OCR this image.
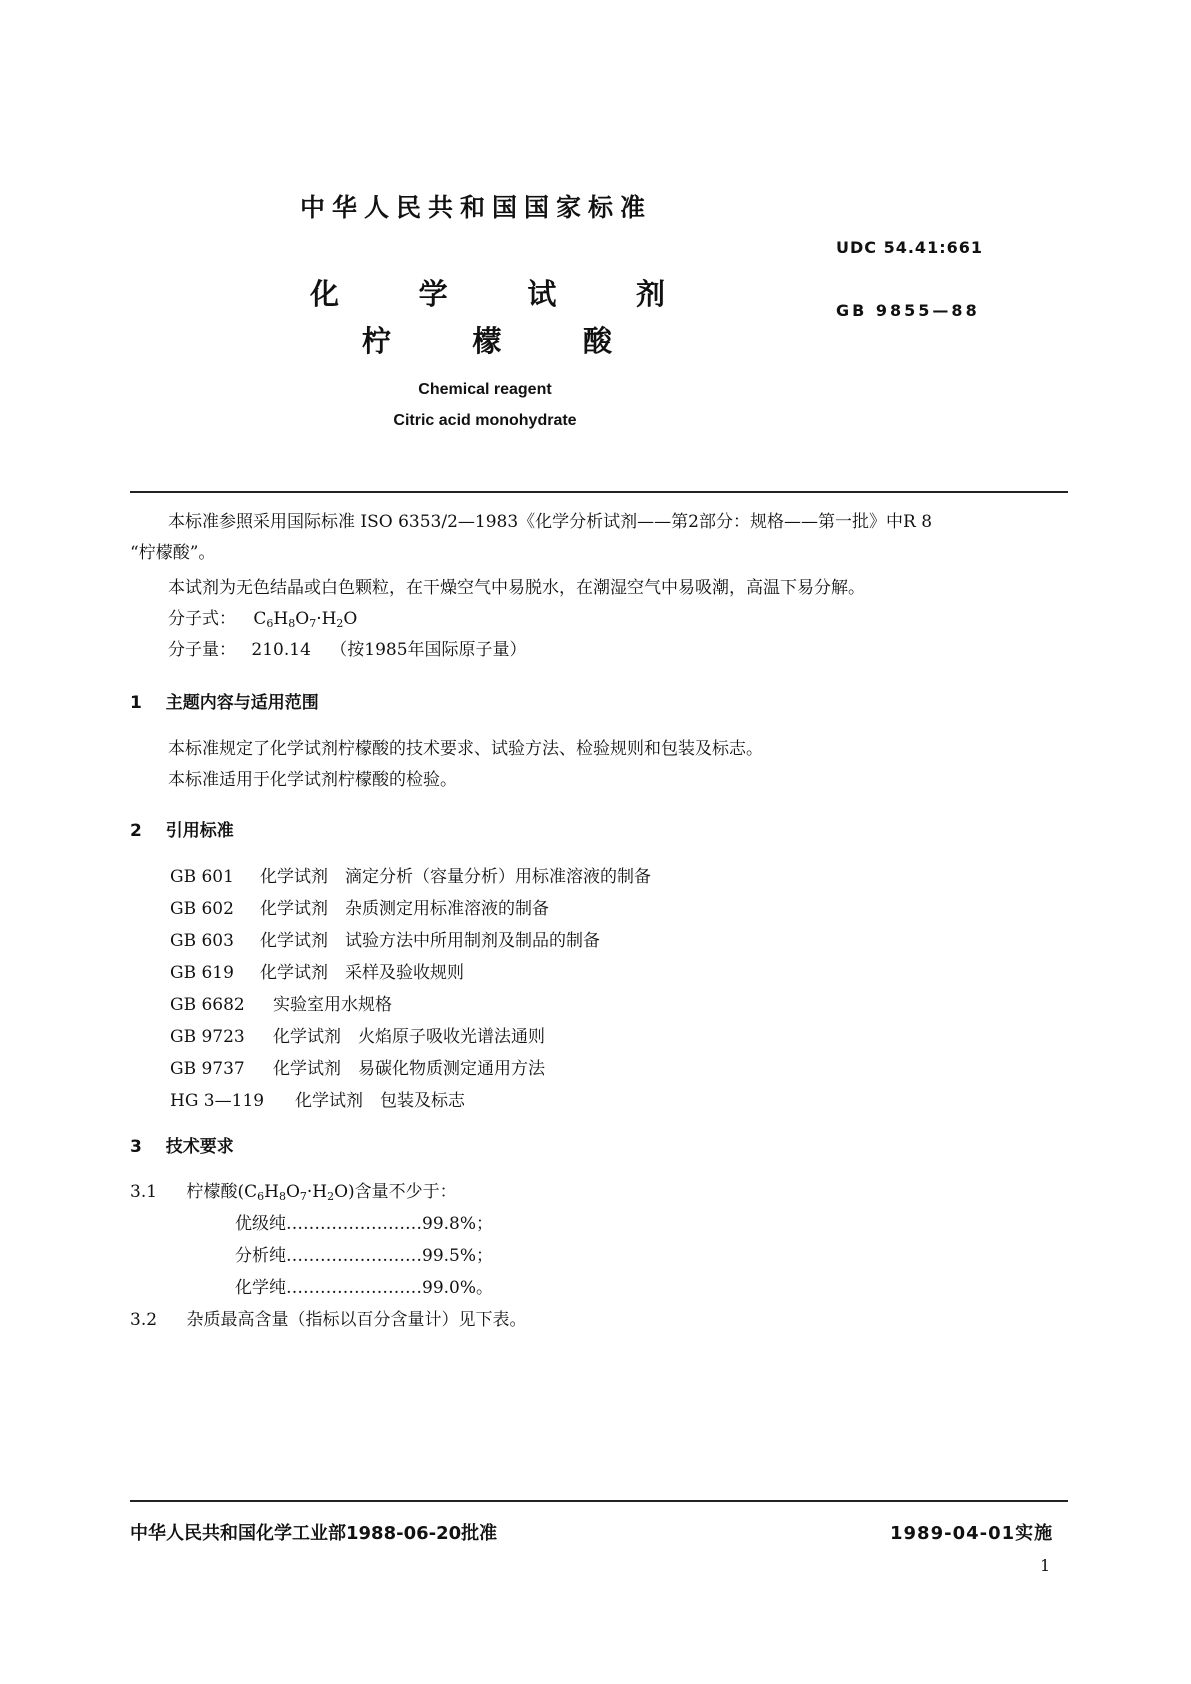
中华人民共和国国家标准
UDC 54.41:661
GB 9855—88
化	学	试	剂
柠	檬	酸
Chemical reagent
Citric acid monohydrate
本标准参照采用国际标准 ISO 6353/2—1983《化学分析试剂——第2部分：规格——第一批》中R 8
“柠檬酸”。
本试剂为无色结晶或白色颗粒，在干燥空气中易脱水，在潮湿空气中易吸潮，高温下易分解。
分子式： $C_6H_8O_7\cdot H_2O$
分子量： 210.14 （按1985年国际原子量）
1 主题内容与适用范围
本标准规定了化学试剂柠檬酸的技术要求、试验方法、检验规则和包装及标志。
本标准适用于化学试剂柠檬酸的检验。
2 引用标准
GB 601 化学试剂　滴定分析（容量分析）用标准溶液的制备
GB 602 化学试剂　杂质测定用标准溶液的制备
GB 603 化学试剂　试验方法中所用制剂及制品的制备
GB 619 化学试剂　采样及验收规则
GB 6682 实验室用水规格
GB 9723 化学试剂　火焰原子吸收光谱法通则
GB 9737 化学试剂　易碳化物质测定通用方法
HG 3—119 化学试剂　包装及标志
3 技术要求
3.1 柠檬酸$(C_6H_8O_7\cdot H_2O)$含量不少于：
优级纯……………………99.8%；
分析纯……………………99.5%；
化学纯……………………99.0%。
3.2 杂质最高含量（指标以百分含量计）见下表。
中华人民共和国化学工业部1988-06-20批准	1989-04-01实施
1
